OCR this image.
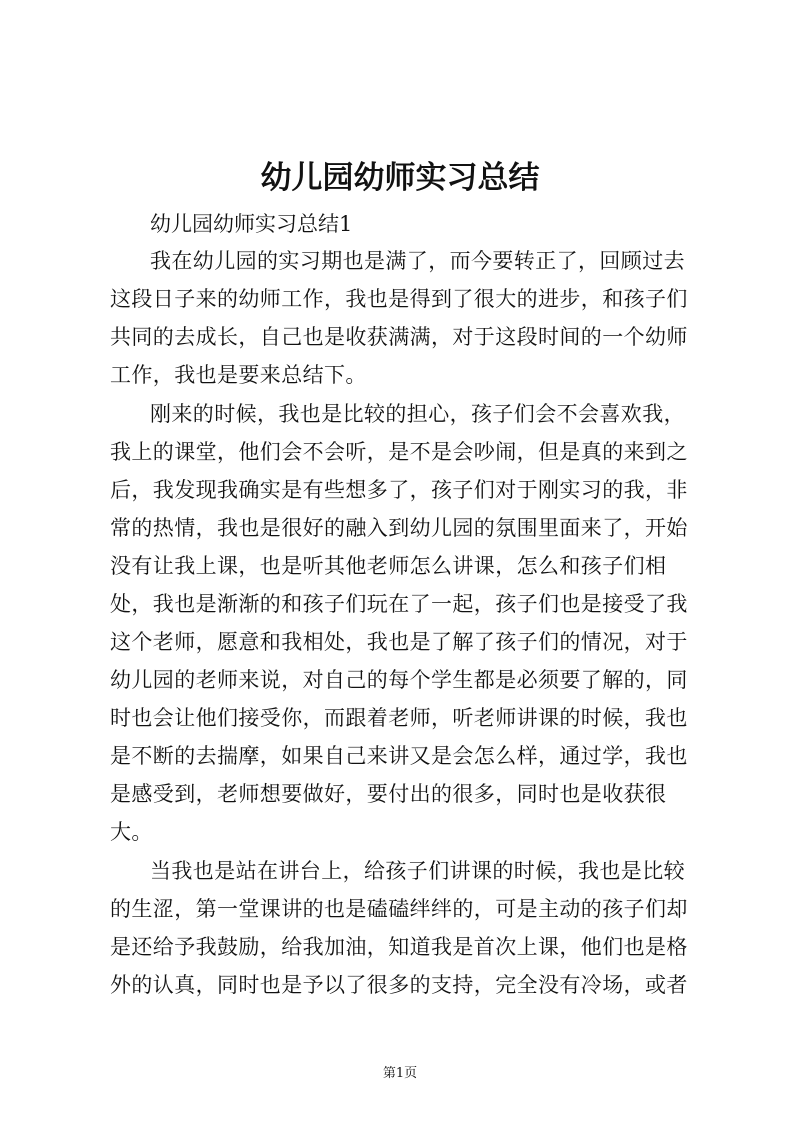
幼儿园幼师实习总结

幼儿园幼师实习总结1

我在幼儿园的实习期也是满了，而今要转正了，回顾过去

这段日子来的幼师工作，我也是得到了很大的进步，和孩子们

共同的去成长，自己也是收获满满，对于这段时间的一个幼师

工作，我也是要来总结下。

刚来的时候，我也是比较的担心，孩子们会不会喜欢我，

我上的课堂，他们会不会听，是不是会吵闹，但是真的来到之

后，我发现我确实是有些想多了，孩子们对于刚实习的我，非

常的热情，我也是很好的融入到幼儿园的氛围里面来了，开始

没有让我上课，也是听其他老师怎么讲课，怎么和孩子们相

处，我也是渐渐的和孩子们玩在了一起，孩子们也是接受了我

这个老师，愿意和我相处，我也是了解了孩子们的情况，对于

幼儿园的老师来说，对自己的每个学生都是必须要了解的，同

时也会让他们接受你，而跟着老师，听老师讲课的时候，我也

是不断的去揣摩，如果自己来讲又是会怎么样，通过学，我也

是感受到，老师想要做好，要付出的很多，同时也是收获很

大。

当我也是站在讲台上，给孩子们讲课的时候，我也是比较

的生涩，第一堂课讲的也是磕磕绊绊的，可是主动的孩子们却

是还给予我鼓励，给我加油，知道我是首次上课，他们也是格

外的认真，同时也是予以了很多的支持，完全没有冷场，或者

第1页
